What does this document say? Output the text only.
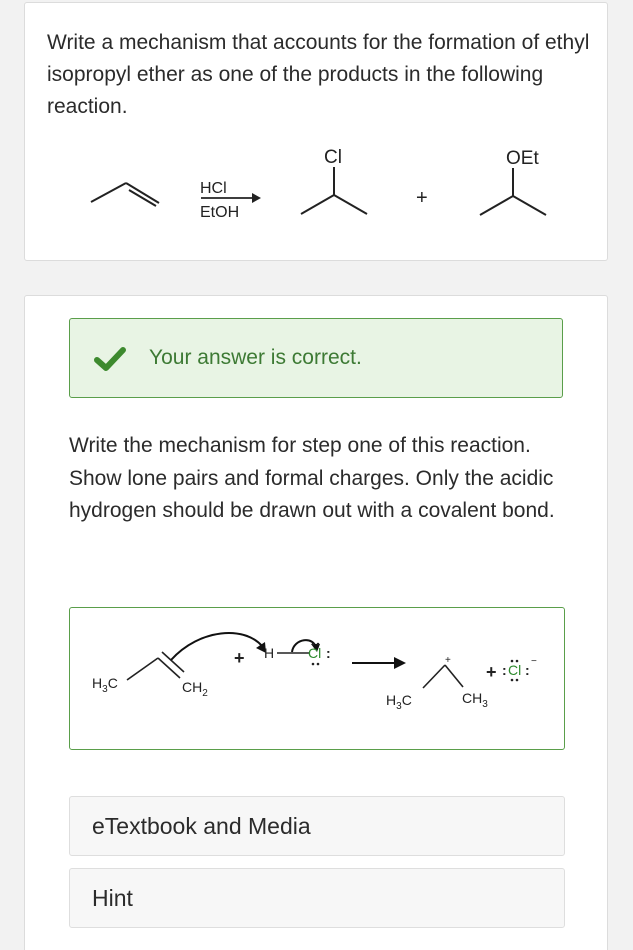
Write a mechanism that accounts for the formation of ethyl isopropyl ether as one of the products in the following reaction.
HCl
EtOH
Cl
+
OEt
Your answer is correct.
Write the mechanism for step one of this reaction. Show lone pairs and formal charges. Only the acidic hydrogen should be drawn out with a covalent bond.
$H_3C$	$CH_2$
+ H Cl :	+
$H_3C$	$CH_3$
+ : Cl :
−
eTextbook and Media
Hint
